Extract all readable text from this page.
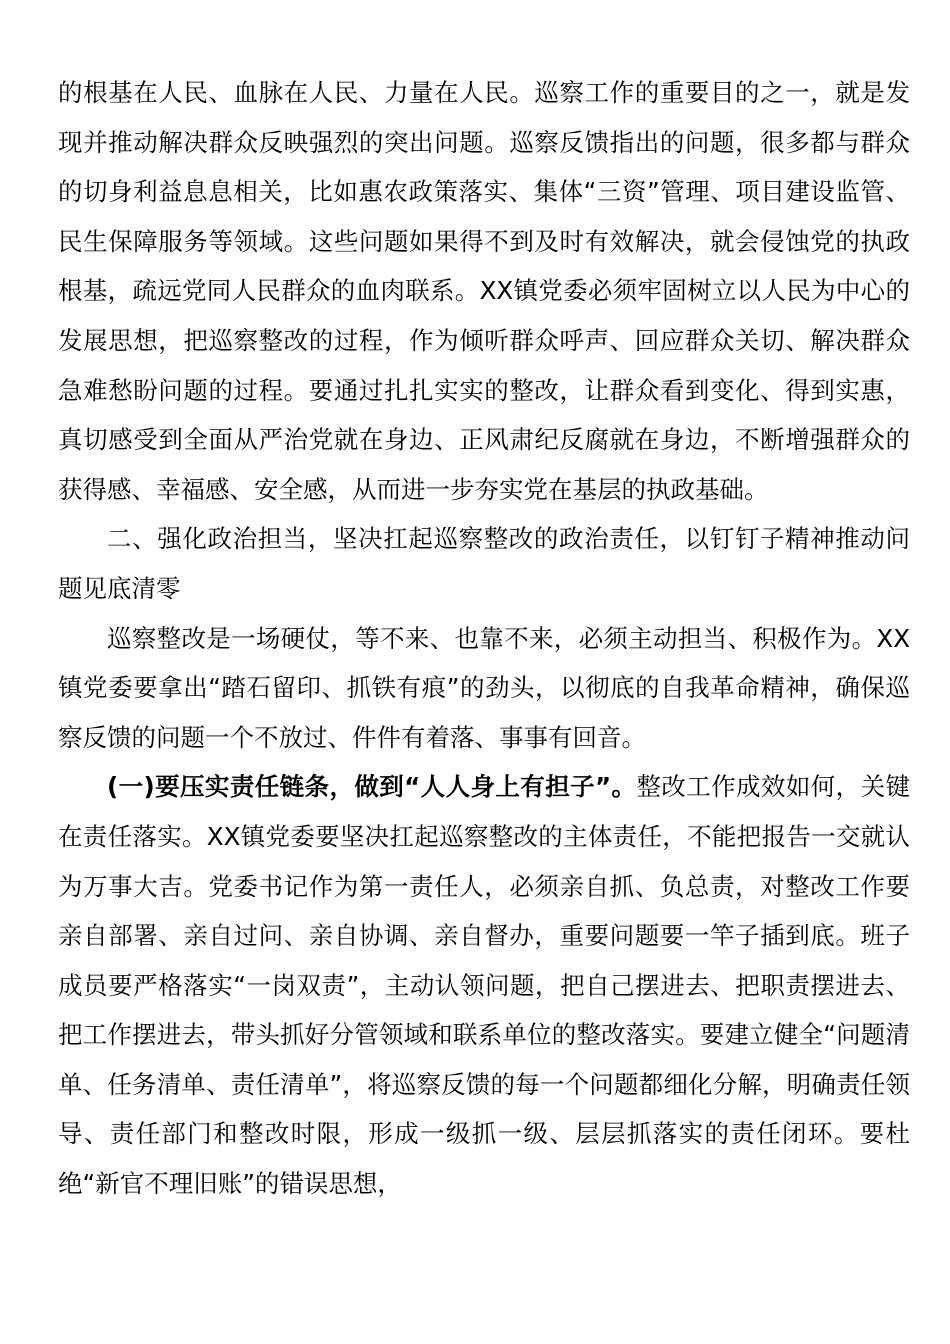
的根基在人民、血脉在人民、力量在人民。巡察工作的重要目的之一，就是发现并推动解决群众反映强烈的突出问题。巡察反馈指出的问题，很多都与群众的切身利益息息相关，比如惠农政策落实、集体“三资”管理、项目建设监管、民生保障服务等领域。这些问题如果得不到及时有效解决，就会侵蚀党的执政根基，疏远党同人民群众的血肉联系。XX镇党委必须牢固树立以人民为中心的发展思想，把巡察整改的过程，作为倾听群众呼声、回应群众关切、解决群众急难愁盼问题的过程。要通过扎扎实实的整改，让群众看到变化、得到实惠，真切感受到全面从严治党就在身边、正风肃纪反腐就在身边，不断增强群众的获得感、幸福感、安全感，从而进一步夯实党在基层的执政基础。

二、强化政治担当，坚决扛起巡察整改的政治责任，以钉钉子精神推动问题见底清零

巡察整改是一场硬仗，等不来、也靠不来，必须主动担当、积极作为。XX镇党委要拿出“踏石留印、抓铁有痕”的劲头，以彻底的自我革命精神，确保巡察反馈的问题一个不放过、件件有着落、事事有回音。

(一)要压实责任链条，做到“人人身上有担子”。整改工作成效如何，关键在责任落实。XX镇党委要坚决扛起巡察整改的主体责任，不能把报告一交就认为万事大吉。党委书记作为第一责任人，必须亲自抓、负总责，对整改工作要亲自部署、亲自过问、亲自协调、亲自督办，重要问题要一竿子插到底。班子成员要严格落实“一岗双责”，主动认领问题，把自己摆进去、把职责摆进去、把工作摆进去，带头抓好分管领域和联系单位的整改落实。要建立健全“问题清单、任务清单、责任清单”，将巡察反馈的每一个问题都细化分解，明确责任领导、责任部门和整改时限，形成一级抓一级、层层抓落实的责任闭环。要杜绝“新官不理旧账”的错误思想，
